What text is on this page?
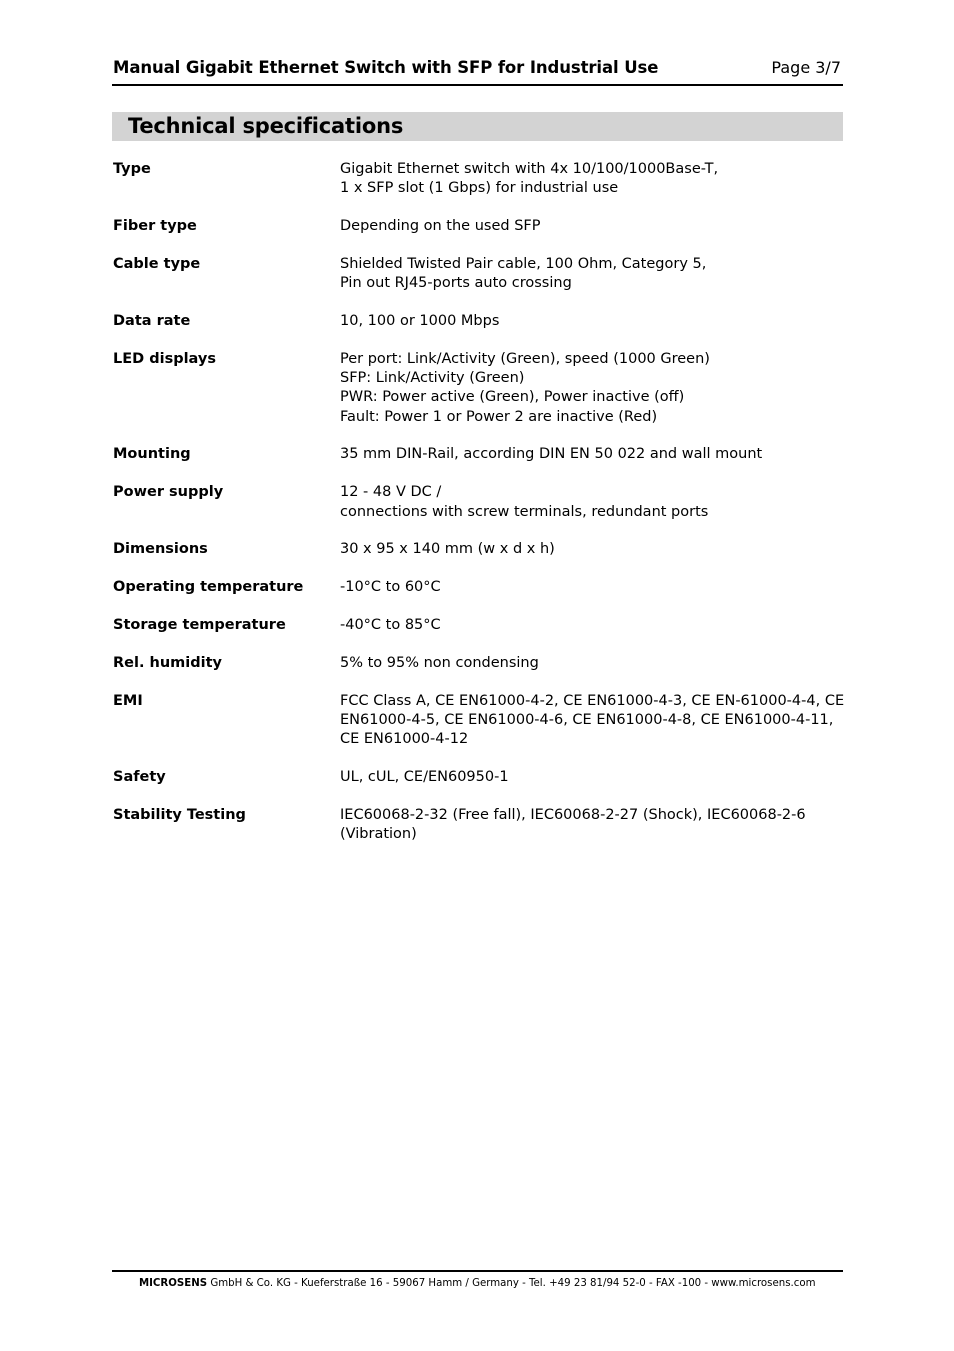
Manual Gigabit Ethernet Switch with SFP for Industrial Use	Page 3/7
Technical specifications
Type	Gigabit Ethernet switch with 4x 10/100/1000Base-T,
1 x SFP slot (1 Gbps) for industrial use
Fiber type	Depending on the used SFP
Cable type	Shielded Twisted Pair cable, 100 Ohm, Category 5,
Pin out RJ45-ports auto crossing
Data rate	10, 100 or 1000 Mbps
LED displays	Per port: Link/Activity (Green), speed (1000 Green)
SFP: Link/Activity (Green)
PWR: Power active (Green), Power inactive (off)
Fault: Power 1 or Power 2 are inactive (Red)
Mounting	35 mm DIN-Rail, according DIN EN 50 022 and wall mount
Power supply	12 - 48 V DC /
connections with screw terminals, redundant ports
Dimensions	30 x 95 x 140 mm (w x d x h)
Operating temperature	-10°C to 60°C
Storage temperature	-40°C to 85°C
Rel. humidity	5% to 95% non condensing
EMI	FCC Class A, CE EN61000-4-2, CE EN61000-4-3, CE EN-61000-4-4, CE
EN61000-4-5, CE EN61000-4-6, CE EN61000-4-8, CE EN61000-4-11,
CE EN61000-4-12
Safety	UL, cUL, CE/EN60950-1
Stability Testing	IEC60068-2-32 (Free fall), IEC60068-2-27 (Shock), IEC60068-2-6
(Vibration)
MICROSENS GmbH & Co. KG - Kueferstraße 16 - 59067 Hamm / Germany - Tel. +49 23 81/94 52-0 - FAX -100 - www.microsens.com
